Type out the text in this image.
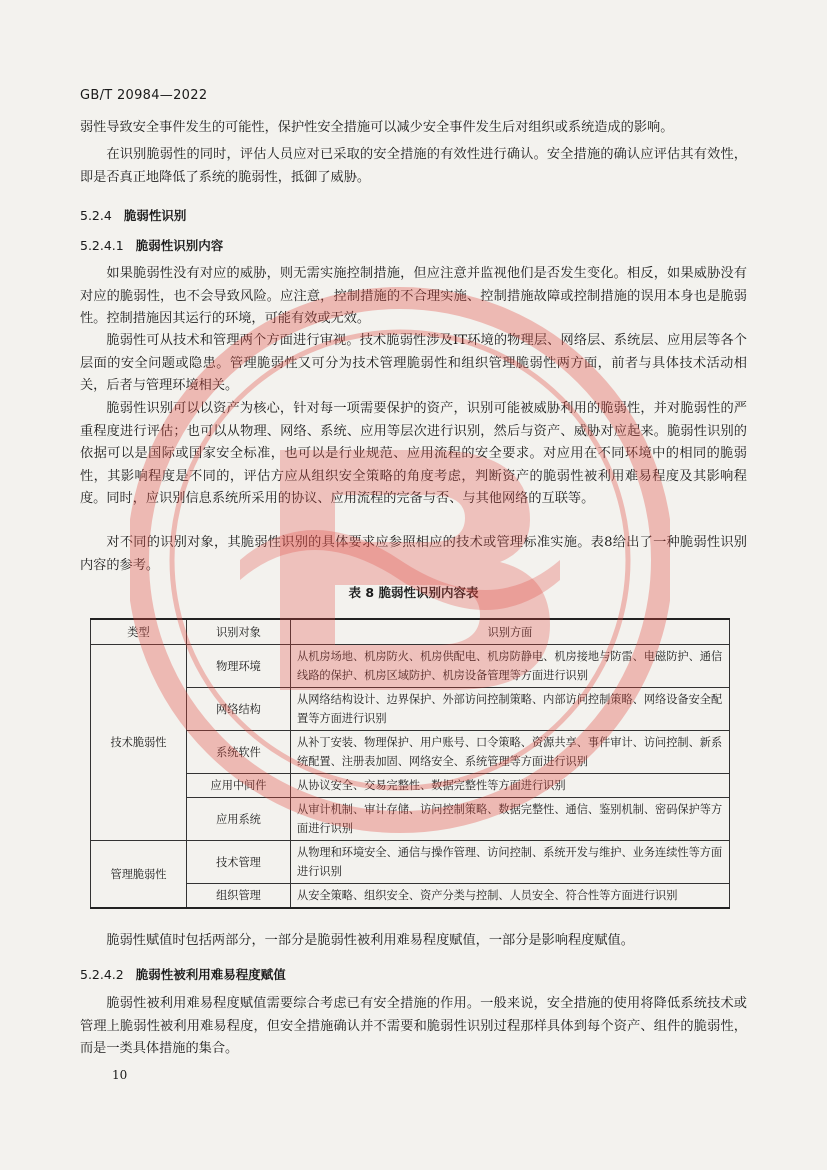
GB/T 20984—2022
弱性导致安全事件发生的可能性，保护性安全措施可以减少安全事件发生后对组织或系统造成的影响。
在识别脆弱性的同时，评估人员应对已采取的安全措施的有效性进行确认。安全措施的确认应评估其有效性，即是否真正地降低了系统的脆弱性，抵御了威胁。
5.2.4 脆弱性识别
5.2.4.1 脆弱性识别内容
如果脆弱性没有对应的威胁，则无需实施控制措施，但应注意并监视他们是否发生变化。相反，如果威胁没有对应的脆弱性，也不会导致风险。应注意，控制措施的不合理实施、控制措施故障或控制措施的误用本身也是脆弱性。控制措施因其运行的环境，可能有效或无效。
脆弱性可从技术和管理两个方面进行审视。技术脆弱性涉及IT环境的物理层、网络层、系统层、应用层等各个层面的安全问题或隐患。管理脆弱性又可分为技术管理脆弱性和组织管理脆弱性两方面，前者与具体技术活动相关，后者与管理环境相关。
脆弱性识别可以以资产为核心，针对每一项需要保护的资产，识别可能被威胁利用的脆弱性，并对脆弱性的严重程度进行评估；也可以从物理、网络、系统、应用等层次进行识别，然后与资产、威胁对应起来。脆弱性识别的依据可以是国际或国家安全标准，也可以是行业规范、应用流程的安全要求。对应用在不同环境中的相同的脆弱性，其影响程度是不同的，评估方应从组织安全策略的角度考虑，判断资产的脆弱性被利用难易程度及其影响程度。同时，应识别信息系统所采用的协议、应用流程的完备与否、与其他网络的互联等。
对不同的识别对象，其脆弱性识别的具体要求应参照相应的技术或管理标准实施。表8给出了一种脆弱性识别内容的参考。
表 8 脆弱性识别内容表
类型	识别对象	识别方面
技术脆弱性	物理环境	从机房场地、机房防火、机房供配电、机房防静电、机房接地与防雷、电磁防护、通信线路的保护、机房区域防护、机房设备管理等方面进行识别
	网络结构	从网络结构设计、边界保护、外部访问控制策略、内部访问控制策略、网络设备安全配置等方面进行识别
	系统软件	从补丁安装、物理保护、用户账号、口令策略、资源共享、事件审计、访问控制、新系统配置、注册表加固、网络安全、系统管理等方面进行识别
	应用中间件	从协议安全、交易完整性、数据完整性等方面进行识别
	应用系统	从审计机制、审计存储、访问控制策略、数据完整性、通信、鉴别机制、密码保护等方面进行识别
管理脆弱性	技术管理	从物理和环境安全、通信与操作管理、访问控制、系统开发与维护、业务连续性等方面进行识别
	组织管理	从安全策略、组织安全、资产分类与控制、人员安全、符合性等方面进行识别
脆弱性赋值时包括两部分，一部分是脆弱性被利用难易程度赋值，一部分是影响程度赋值。
5.2.4.2 脆弱性被利用难易程度赋值
脆弱性被利用难易程度赋值需要综合考虑已有安全措施的作用。一般来说，安全措施的使用将降低系统技术或管理上脆弱性被利用难易程度，但安全措施确认并不需要和脆弱性识别过程那样具体到每个资产、组件的脆弱性，而是一类具体措施的集合。
10
